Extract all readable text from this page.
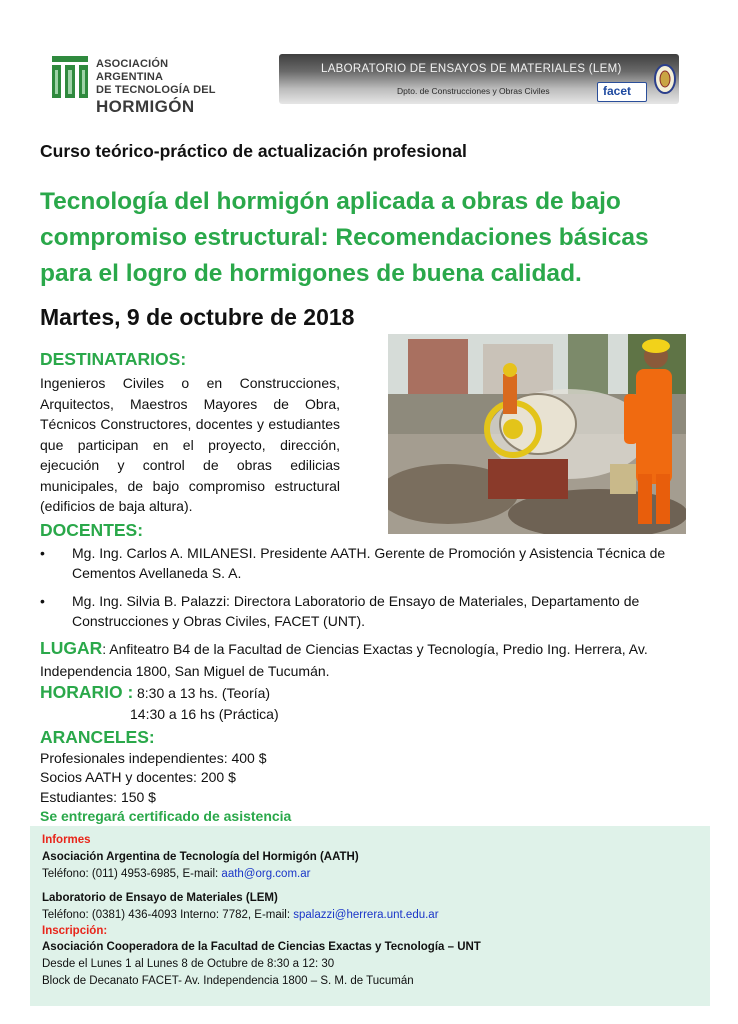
ASOCIACIÓN ARGENTINA
DE TECNOLOGÍA DEL
HORMIGÓN
LABORATORIO DE ENSAYOS DE MATERIALES (LEM)
Dpto. de Construcciones y Obras Civiles	facet
Curso teórico-práctico de actualización profesional
Tecnología del hormigón aplicada a obras de bajo
compromiso estructural: Recomendaciones básicas
para el logro de hormigones de buena calidad.
Martes, 9 de octubre de 2018
DESTINATARIOS:
Ingenieros Civiles o en Construcciones, Arquitectos, Maestros Mayores de Obra, Técnicos Constructores, docentes y estudiantes que participan en el proyecto, dirección, ejecución y control de obras edilicias municipales, de bajo compromiso estructural (edificios de baja altura).
DOCENTES:
• Mg. Ing. Carlos A. MILANESI. Presidente AATH. Gerente de Promoción y Asistencia Técnica de Cementos Avellaneda S. A.
• Mg. Ing. Silvia B. Palazzi: Directora Laboratorio de Ensayo de Materiales, Departamento de Construcciones y Obras Civiles, FACET (UNT).
LUGAR: Anfiteatro B4 de la Facultad de Ciencias Exactas y Tecnología, Predio Ing. Herrera, Av. Independencia 1800, San Miguel de Tucumán.
HORARIO : 8:30 a 13 hs. (Teoría)
14:30 a 16 hs (Práctica)
ARANCELES:
Profesionales independientes: 400 $
Socios AATH y docentes: 200 $
Estudiantes: 150 $
Se entregará certificado de asistencia
Informes
Asociación Argentina de Tecnología del Hormigón (AATH)
Teléfono: (011) 4953-6985, E-mail: aath@org.com.ar
Laboratorio de Ensayo de Materiales (LEM)
Teléfono: (0381) 436-4093 Interno: 7782, E-mail: spalazzi@herrera.unt.edu.ar
Inscripción:
Asociación Cooperadora de la Facultad de Ciencias Exactas y Tecnología – UNT
Desde el Lunes 1 al Lunes 8 de Octubre de 8:30 a 12: 30
Block de Decanato FACET- Av. Independencia 1800 – S. M. de Tucumán
